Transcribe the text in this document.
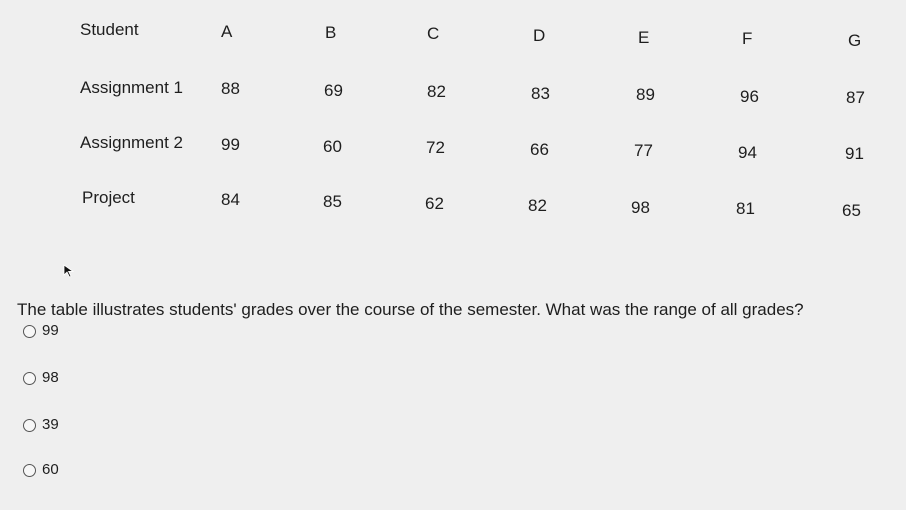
Student	A	B	C	D	E	F	G
Assignment 1 88	69	82	83	89	96	87
Assignment 2 99	60	72	66	77	94	91
Project	84	85	62	82	98	81	65
The table illustrates students' grades over the course of the semester. What was the range of all grades?
99
98
39
60
